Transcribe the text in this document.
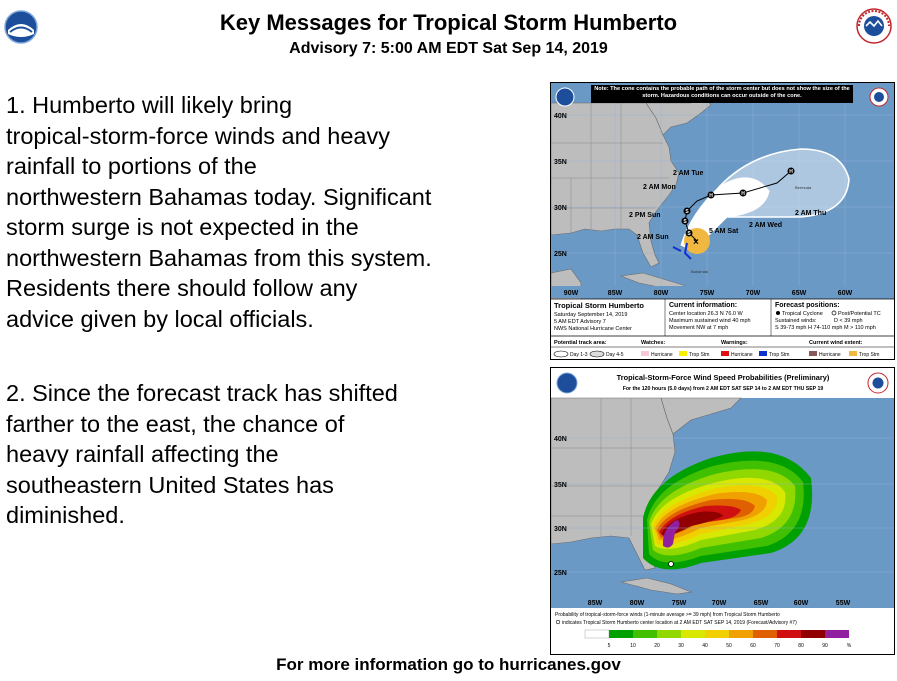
Key Messages for Tropical Storm Humberto
Advisory 7: 5:00 AM EDT Sat Sep 14, 2019
1. Humberto will likely bring
tropical-storm-force winds and heavy
rainfall to portions of the
northwestern Bahamas today. Significant
storm surge is not expected in the
northwestern Bahamas from this system.
Residents there should follow any
advice given by local officials.
2. Since the forecast track has shifted
farther to the east, the chance of
heavy rainfall affecting the
southeastern United States has
diminished.
×
S
S
S
H	H
H
2 AM Tue
2 AM Mon
2 PM Sun
2 AM Sun
5 AM Sat
2 AM Wed
2 AM Thu
Bermuda
Bahamas
40N
35N
30N
25N
90W	85W	80W	75W	70W	65W	60W
Tropical Storm Humberto
Saturday September 14, 2019
5 AM EDT Advisory 7
NWS National Hurricane Center
Current information:
Center location 26.3 N 76.0 W
Maximum sustained wind 40 mph
Movement NW at 7 mph
Forecast positions:
Tropical Cyclone	Post/Potential TC
Sustained winds:	D < 39 mph
S 39-73 mph H 74-110 mph M > 110 mph
Potential track area:	Watches:	Warnings:	Current wind extent:
Day 1-3	Day 4-5	Hurricane	Trop Stm	Hurricane	Trop Stm	Hurricane	Trop Stm
Note: The cone contains the probable path of the storm center but does not show the size of the storm. Hazardous conditions can occur outside of the cone.
40N
35N
30N
25N
85W	80W	75W	70W	65W	60W	55W
Tropical-Storm-Force Wind Speed Probabilities (Preliminary)
For the 120 hours (5.0 days) from 2 AM EDT SAT SEP 14 to 2 AM EDT THU SEP 19
Probability of tropical-storm-force winds (1-minute average >= 39 mph) from Tropical Storm Humberto
indicates Tropical Storm Humberto center location at 2 AM EDT SAT SEP 14, 2019 (Forecast/Advisory #7)
5	10	20	30	40	50	60	70	80	90	%
For more information go to hurricanes.gov
